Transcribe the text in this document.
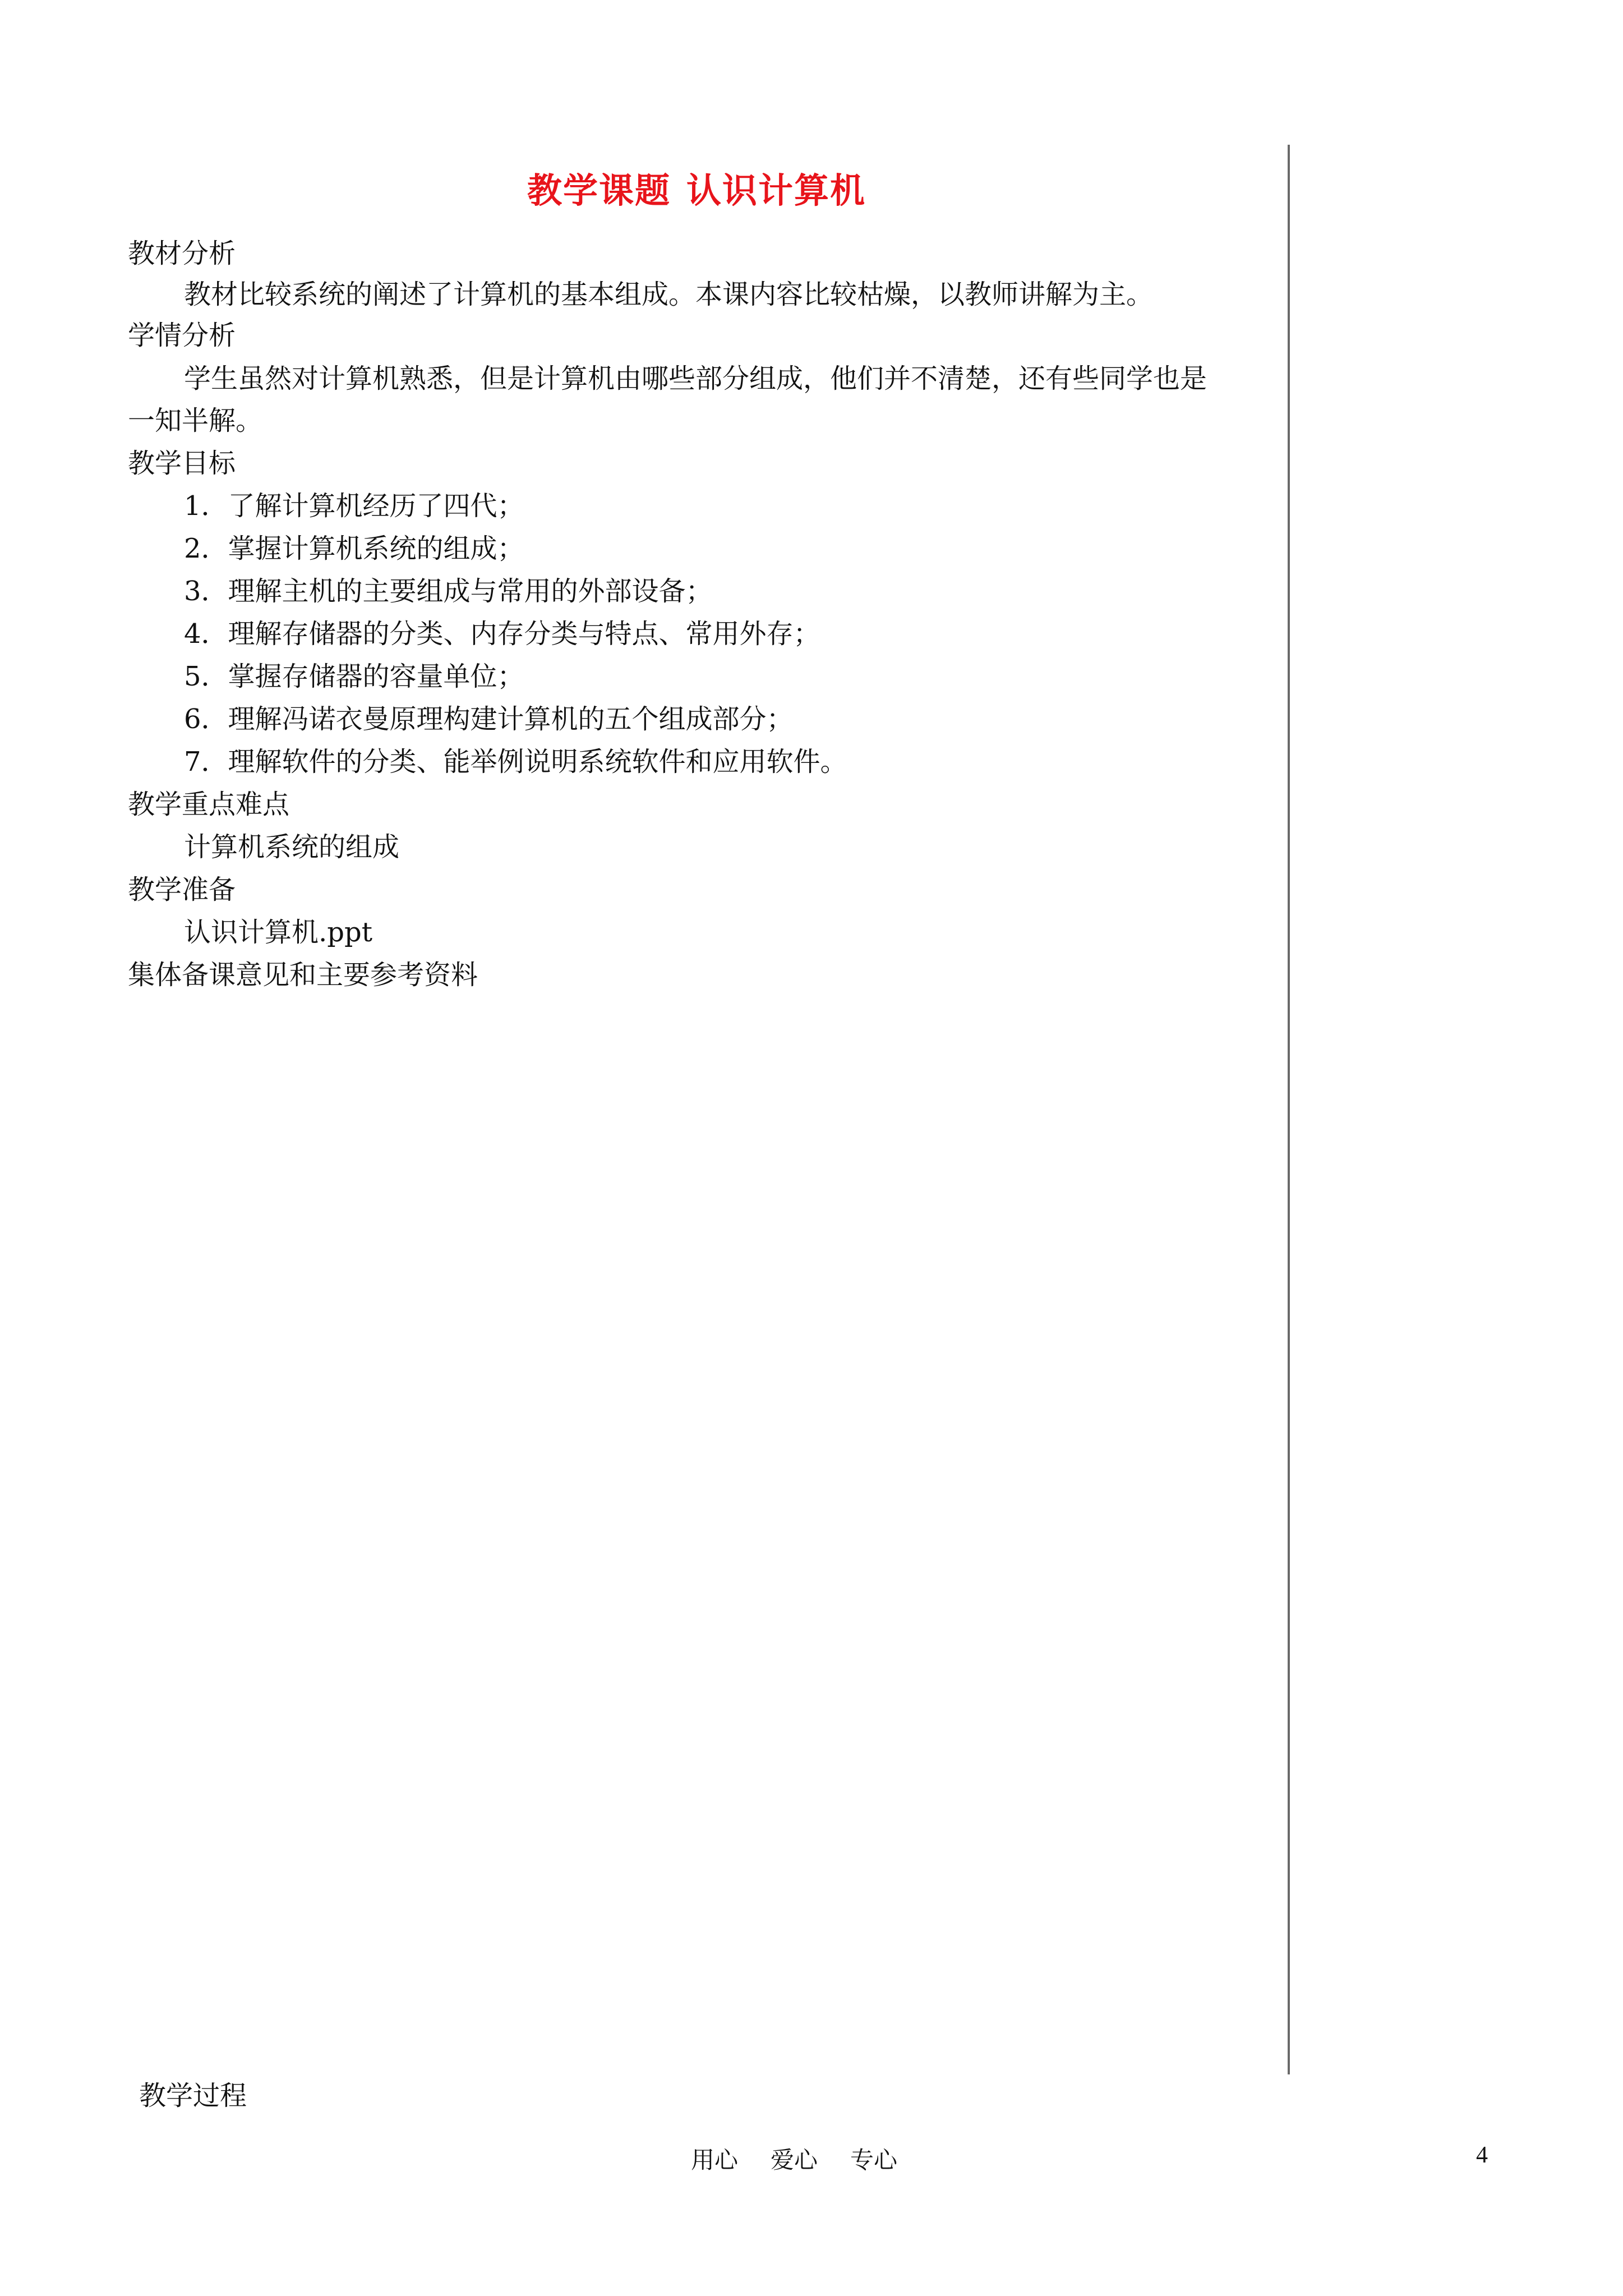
教学课题 认识计算机
教材分析
教材比较系统的阐述了计算机的基本组成。本课内容比较枯燥，以教师讲解为主。
学情分析
学生虽然对计算机熟悉，但是计算机由哪些部分组成，他们并不清楚，还有些同学也是
一知半解。
教学目标
1．了解计算机经历了四代；
2．掌握计算机系统的组成；
3．理解主机的主要组成与常用的外部设备；
4．理解存储器的分类、内存分类与特点、常用外存；
5．掌握存储器的容量单位；
6．理解冯诺衣曼原理构建计算机的五个组成部分；
7．理解软件的分类、能举例说明系统软件和应用软件。
教学重点难点
计算机系统的组成
教学准备
认识计算机.ppt
集体备课意见和主要参考资料
教学过程
用心 爱心 专心	4
